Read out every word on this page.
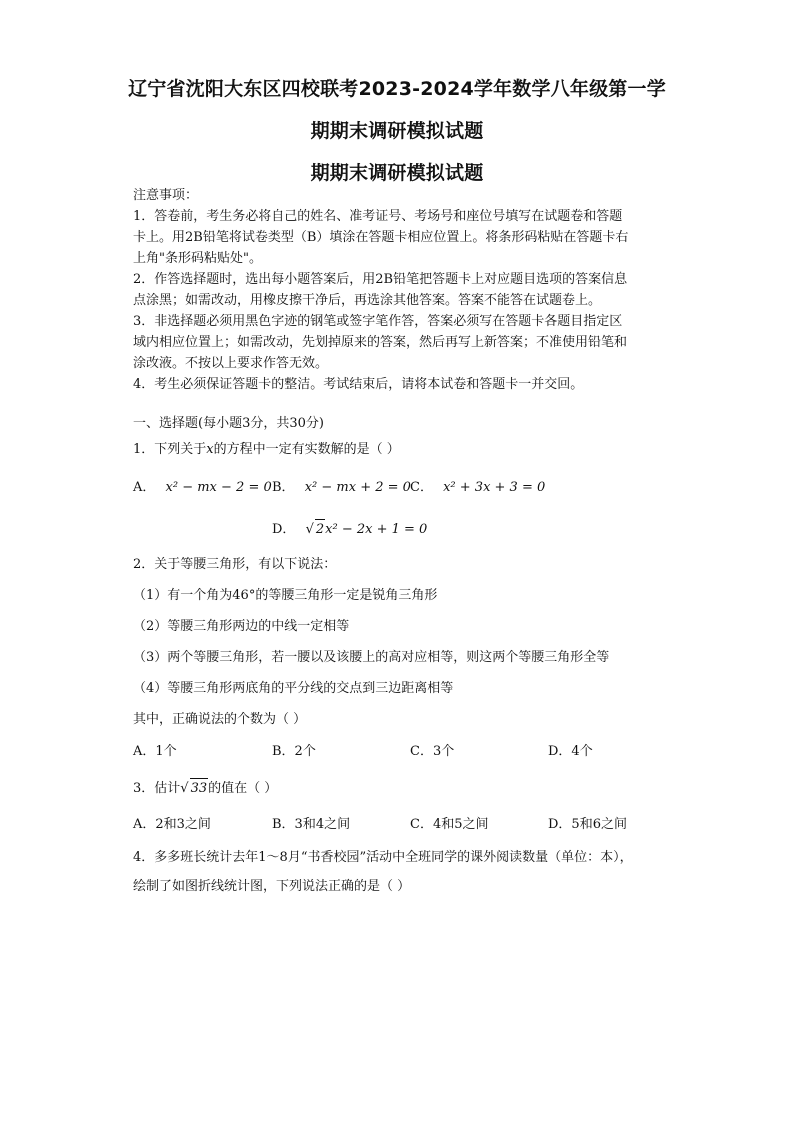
辽宁省沈阳大东区四校联考2023-2024学年数学八年级第一学
期期末调研模拟试题
期期末调研模拟试题
注意事项：
1．答卷前，考生务必将自己的姓名、准考证号、考场号和座位号填写在试题卷和答题
卡上。用2B铅笔将试卷类型（B）填涂在答题卡相应位置上。将条形码粘贴在答题卡右
上角"条形码粘贴处"。
2．作答选择题时，选出每小题答案后，用2B铅笔把答题卡上对应题目选项的答案信息
点涂黑；如需改动，用橡皮擦干净后，再选涂其他答案。答案不能答在试题卷上。
3．非选择题必须用黑色字迹的钢笔或签字笔作答，答案必须写在答题卡各题目指定区
域内相应位置上；如需改动，先划掉原来的答案，然后再写上新答案；不准使用铅笔和
涂改液。不按以上要求作答无效。
4．考生必须保证答题卡的整洁。考试结束后，请将本试卷和答题卡一并交回。
一、选择题(每小题3分，共30分)
1．下列关于x的方程中一定有实数解的是（ ）
A． x² − mx − 2 = 0 B． x² − mx + 2 = 0 C． x² + 3x + 3 = 0
D． √ 2x² − 2x + 1 = 0
2．关于等腰三角形，有以下说法：
（1）有一个角为46°的等腰三角形一定是锐角三角形
（2）等腰三角形两边的中线一定相等
（3）两个等腰三角形，若一腰以及该腰上的高对应相等，则这两个等腰三角形全等
（4）等腰三角形两底角的平分线的交点到三边距离相等
其中，正确说法的个数为（ ）
A．1个	B．2个	C．3个	D．4个
3．估计√ 33的值在（ ）
A．2和3之间	B．3和4之间	C．4和5之间	D．5和6之间
4．多多班长统计去年1～8月“书香校园”活动中全班同学的课外阅读数量（单位：本），
绘制了如图折线统计图，下列说法正确的是（ ）
